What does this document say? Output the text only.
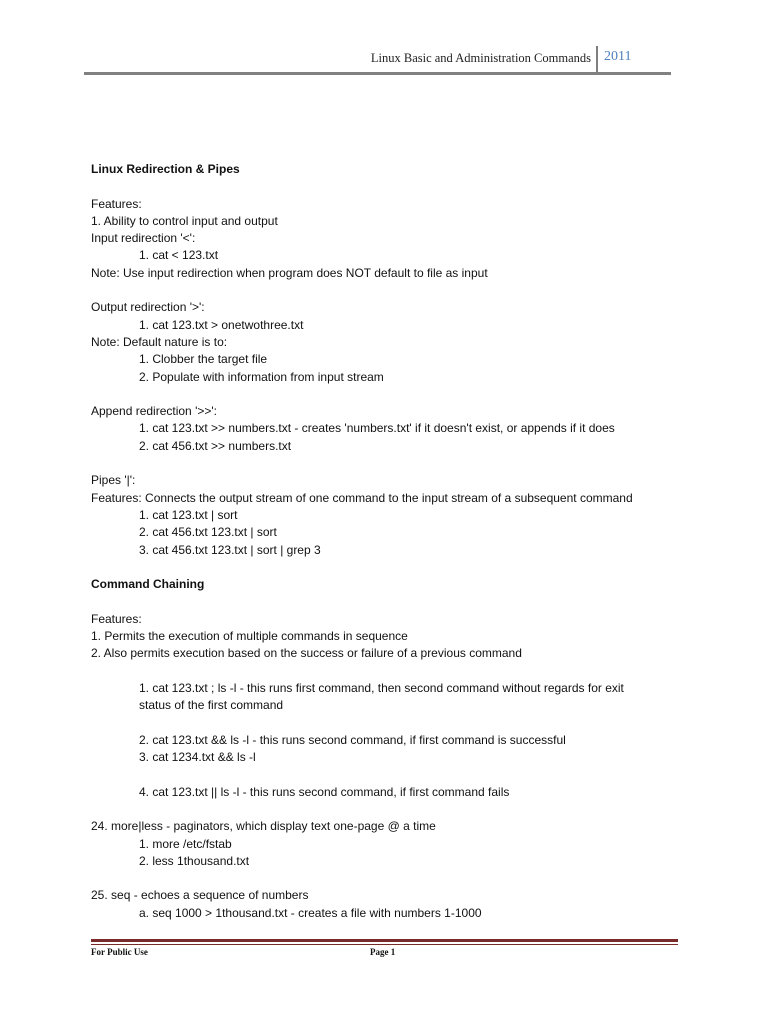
Linux Basic and Administration Commands 2011
Linux Redirection & Pipes
Features:
1. Ability to control input and output
Input redirection '<':
1. cat < 123.txt
Note: Use input redirection when program does NOT default to file as input
Output redirection '>':
1. cat 123.txt > onetwothree.txt
Note: Default nature is to:
1. Clobber the target file
2. Populate with information from input stream
Append redirection '>>':
1. cat 123.txt >> numbers.txt - creates 'numbers.txt' if it doesn't exist, or appends if it does
2. cat 456.txt >> numbers.txt
Pipes '|':
Features: Connects the output stream of one command to the input stream of a subsequent command
1. cat 123.txt | sort
2. cat 456.txt 123.txt | sort
3. cat 456.txt 123.txt | sort | grep 3
Command Chaining
Features:
1. Permits the execution of multiple commands in sequence
2. Also permits execution based on the success or failure of a previous command
1. cat 123.txt ; ls -l - this runs first command, then second command without regards for exit
status of the first command
2. cat 123.txt && ls -l - this runs second command, if first command is successful
3. cat 1234.txt && ls -l
4. cat 123.txt || ls -l - this runs second command, if first command fails
24. more|less - paginators, which display text one-page @ a time
1. more /etc/fstab
2. less 1thousand.txt
25. seq - echoes a sequence of numbers
a. seq 1000 > 1thousand.txt - creates a file with numbers 1-1000
For Public Use	Page 1
